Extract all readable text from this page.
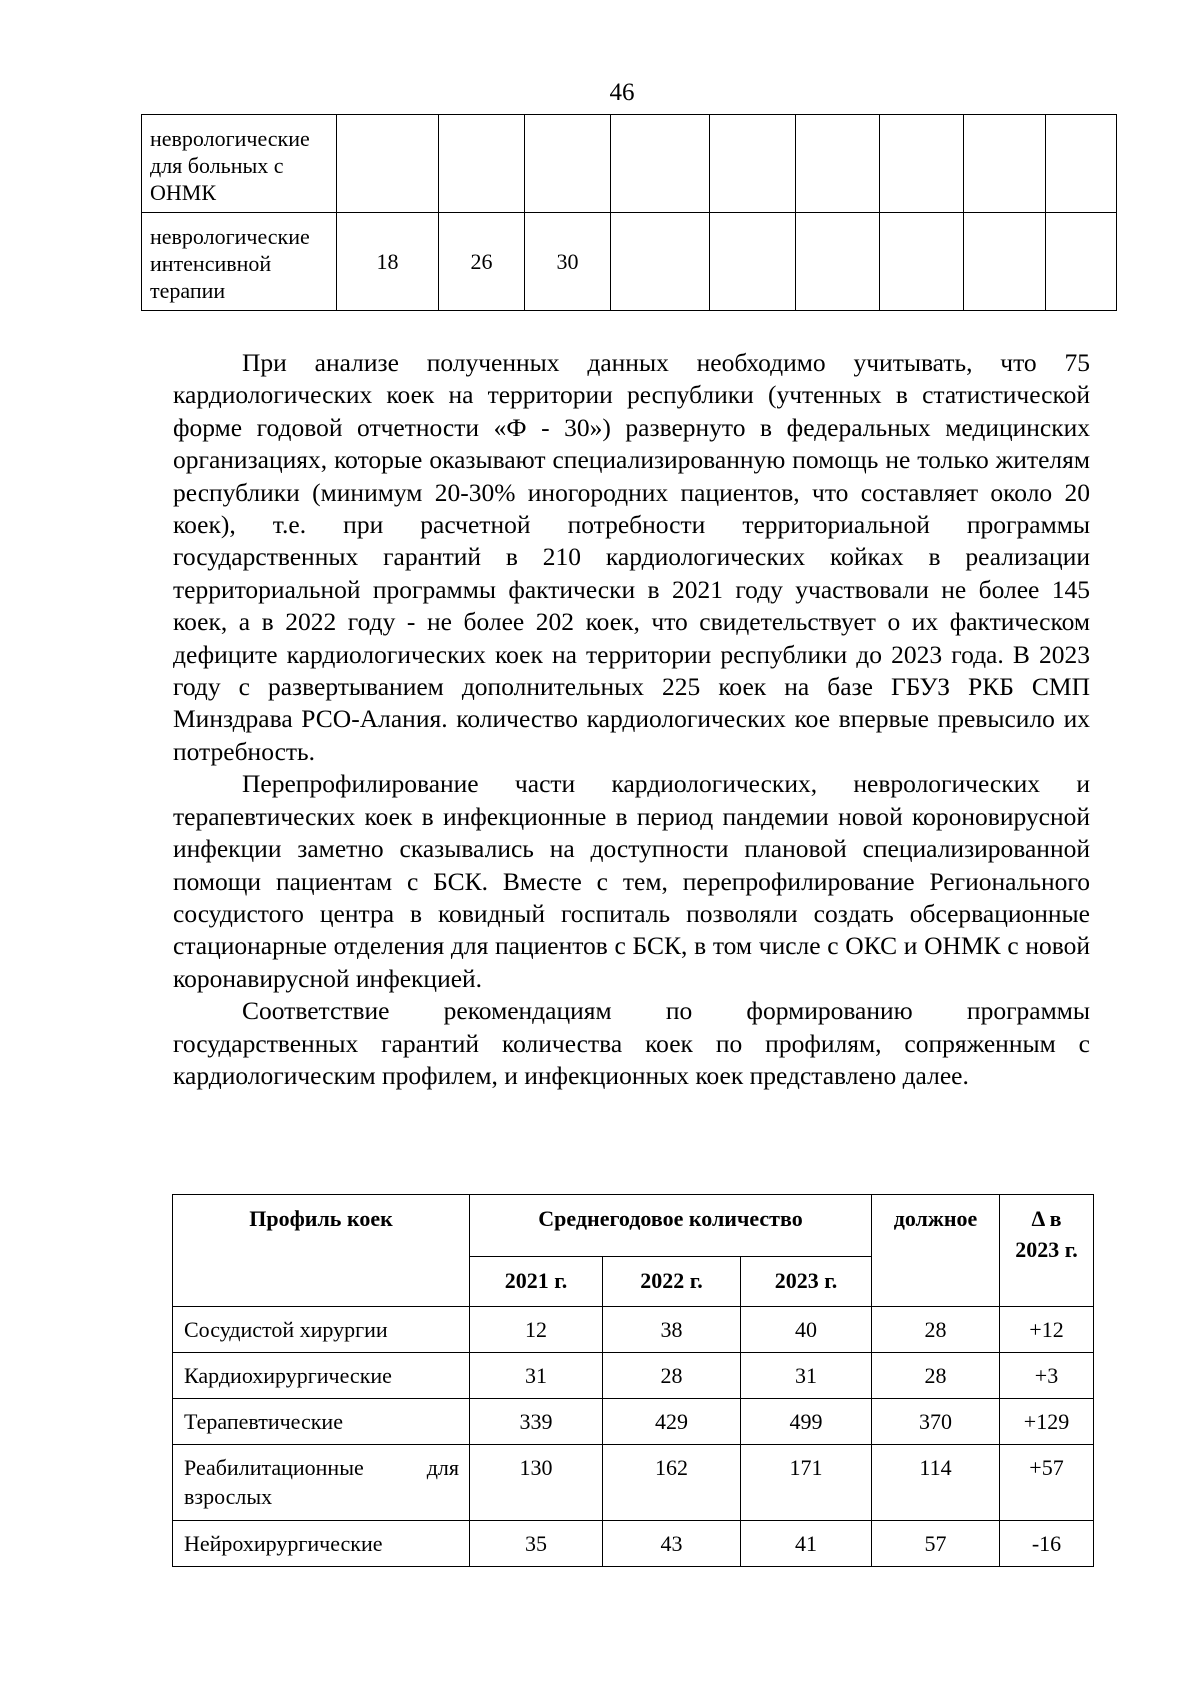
46
неврологические для больных с ОНМК									
неврологические интенсивной терапии	18	26	30						

При анализе полученных данных необходимо учитывать, что 75 кардиологических коек на территории республики (учтенных в статистической форме годовой отчетности «Ф - 30») развернуто в федеральных медицинских организациях, которые оказывают специализированную помощь не только жителям республики (минимум 20-30% иногородних пациентов, что составляет около 20 коек), т.е. при расчетной потребности территориальной программы государственных гарантий в 210 кардиологических койках в реализации территориальной программы фактически в 2021 году участвовали не более 145 коек, а в 2022 году - не более 202 коек, что свидетельствует о их фактическом дефиците кардиологических коек на территории республики до 2023 года. В 2023 году с развертыванием дополнительных 225 коек на базе ГБУЗ РКБ СМП Минздрава РСО-Алания. количество кардиологических кое впервые превысило их потребность.

Перепрофилирование части кардиологических, неврологических и терапевтических коек в инфекционные в период пандемии новой короновирусной инфекции заметно сказывались на доступности плановой специализированной помощи пациентам с БСК. Вместе с тем, перепрофилирование Регионального сосудистого центра в ковидный госпиталь позволяли создать обсервационные стационарные отделения для пациентов с БСК, в том числе с ОКС и ОНМК с новой коронавирусной инфекцией.

Соответствие рекомендациям по формированию программы государственных гарантий количества коек по профилям, сопряженным с кардиологическим профилем, и инфекционных коек представлено далее.

Профиль коек	Среднегодовое количество			должное	Δ в 2023 г.
	2021 г.	2022 г.	2023 г.		
Сосудистой хирургии	12	38	40	28	+12
Кардиохирургические	31	28	31	28	+3
Терапевтические	339	429	499	370	+129

Реабилитационные для
взрослых	130	162	171	114	+57
Нейрохирургические	35	43	41	57	-16
